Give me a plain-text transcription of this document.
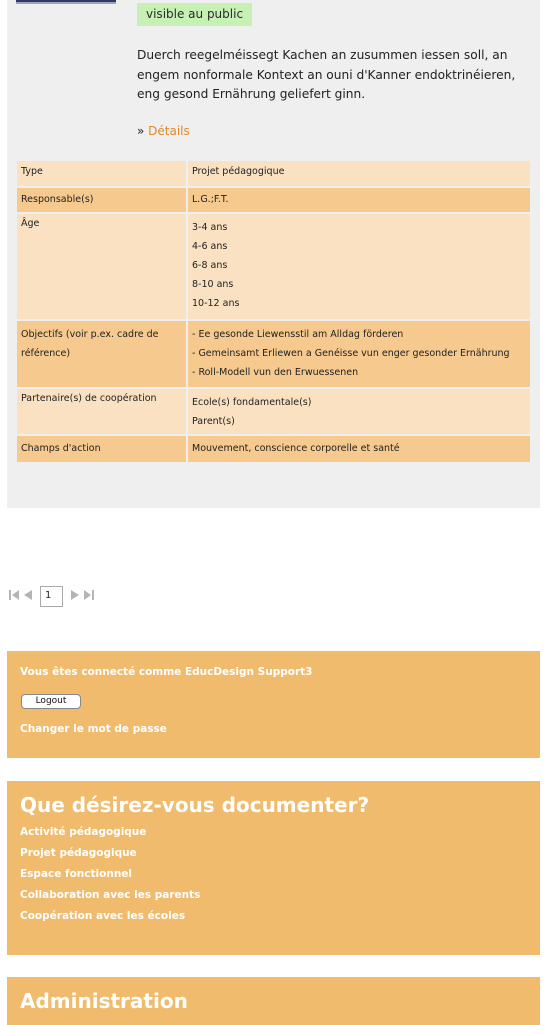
visible au public
Duerch reegelméissegt Kachen an zusummen iessen soll, an engem nonformale Kontext an ouni d'Kanner endoktrinéieren, eng gesond Ernährung geliefert ginn.
» Détails
Type	Projet pédagogique
Responsable(s)	L.G.;F.T.
Âge	3-4 ans
4-6 ans
6-8 ans
8-10 ans
10-12 ans

Objectifs (voir p.ex. cadre de référence)	- Ee gesonde Liewensstil am Alldag förderen
- Gemeinsamt Erliewen a Genéisse vun enger gesonder Ernährung
- Roll-Modell vun den Erwuessenen

Partenaire(s) de coopération	Ecole(s) fondamentale(s)
Parent(s)

Champs d'action	Mouvement, conscience corporelle et santé
1
Vous êtes connecté comme EducDesign Support3
Logout
Changer le mot de passe
Que désirez-vous documenter?
Activité pédagogique
Projet pédagogique
Espace fonctionnel
Collaboration avec les parents
Coopération avec les écoles
Administration
